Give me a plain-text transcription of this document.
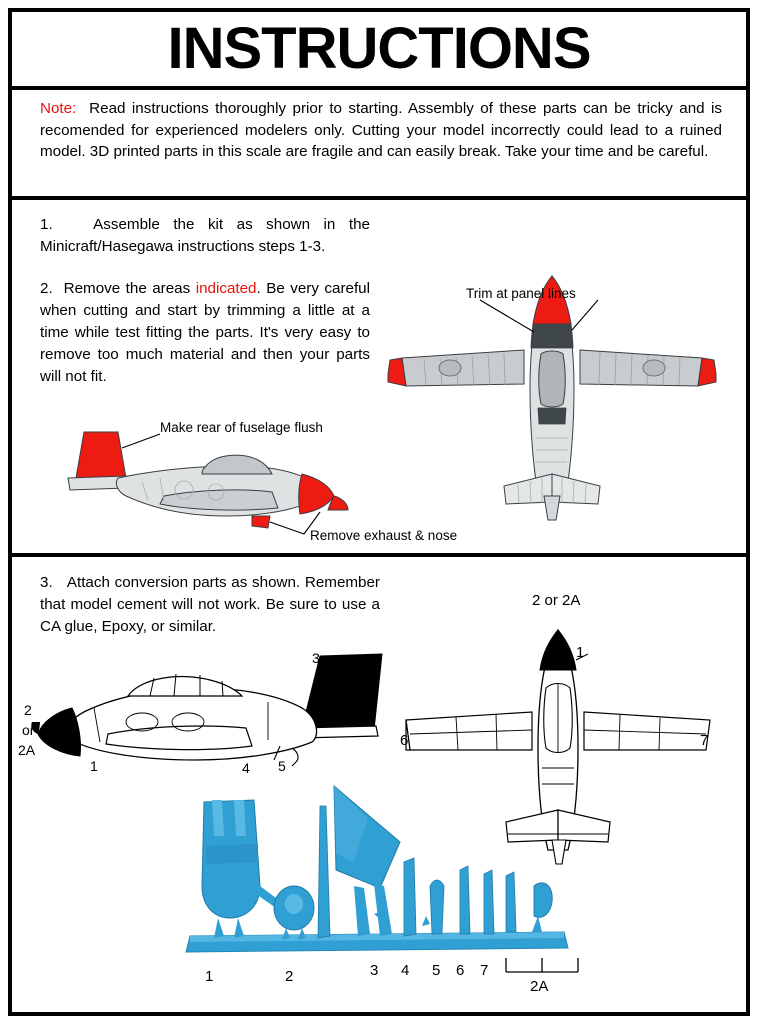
INSTRUCTIONS
Note: Read instructions thoroughly prior to starting. Assembly of these parts can be tricky and is recomended for experienced modelers only. Cutting your model incorrectly could lead to a ruined model. 3D printed parts in this scale are fragile and can easily break. Take your time and be careful.
1.	Assemble the kit as shown in the Minicraft/Hasegawa instructions steps 1-3.
2. Remove the areas indicated. Be very careful when cutting and start by trimming a little at a time while test fitting the parts. It's very easy to remove too much material and then your parts will not fit.
Trim at panel lines
Make rear of fuselage flush
Remove exhaust & nose
3. Attach conversion parts as shown. Remember that model cement will not work. Be sure to use a CA glue, Epoxy, or similar.
2
or
2A
1
3
4 5
2 or 2A
1
6	7
1	2	3 4 5 6 7
2A
